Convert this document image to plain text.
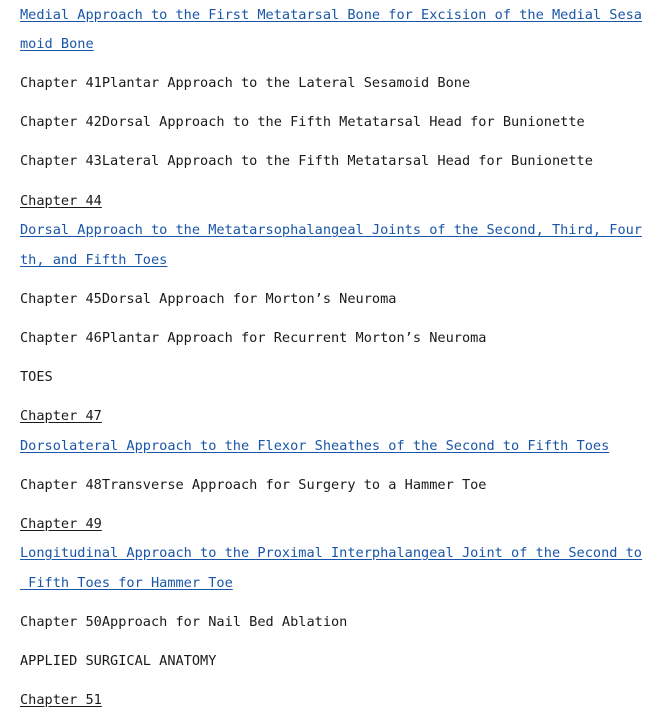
Medial Approach to the First Metatarsal Bone for Excision of the Medial Sesa
moid Bone
Chapter 41Plantar Approach to the Lateral Sesamoid Bone
Chapter 42Dorsal Approach to the Fifth Metatarsal Head for Bunionette
Chapter 43Lateral Approach to the Fifth Metatarsal Head for Bunionette
Chapter 44
Dorsal Approach to the Metatarsophalangeal Joints of the Second, Third, Four
th, and Fifth Toes
Chapter 45Dorsal Approach for Morton’s Neuroma
Chapter 46Plantar Approach for Recurrent Morton’s Neuroma
TOES
Chapter 47
Dorsolateral Approach to the Flexor Sheathes of the Second to Fifth Toes
Chapter 48Transverse Approach for Surgery to a Hammer Toe
Chapter 49
Longitudinal Approach to the Proximal Interphalangeal Joint of the Second to
Fifth Toes for Hammer Toe
Chapter 50Approach for Nail Bed Ablation
APPLIED SURGICAL ANATOMY
Chapter 51
